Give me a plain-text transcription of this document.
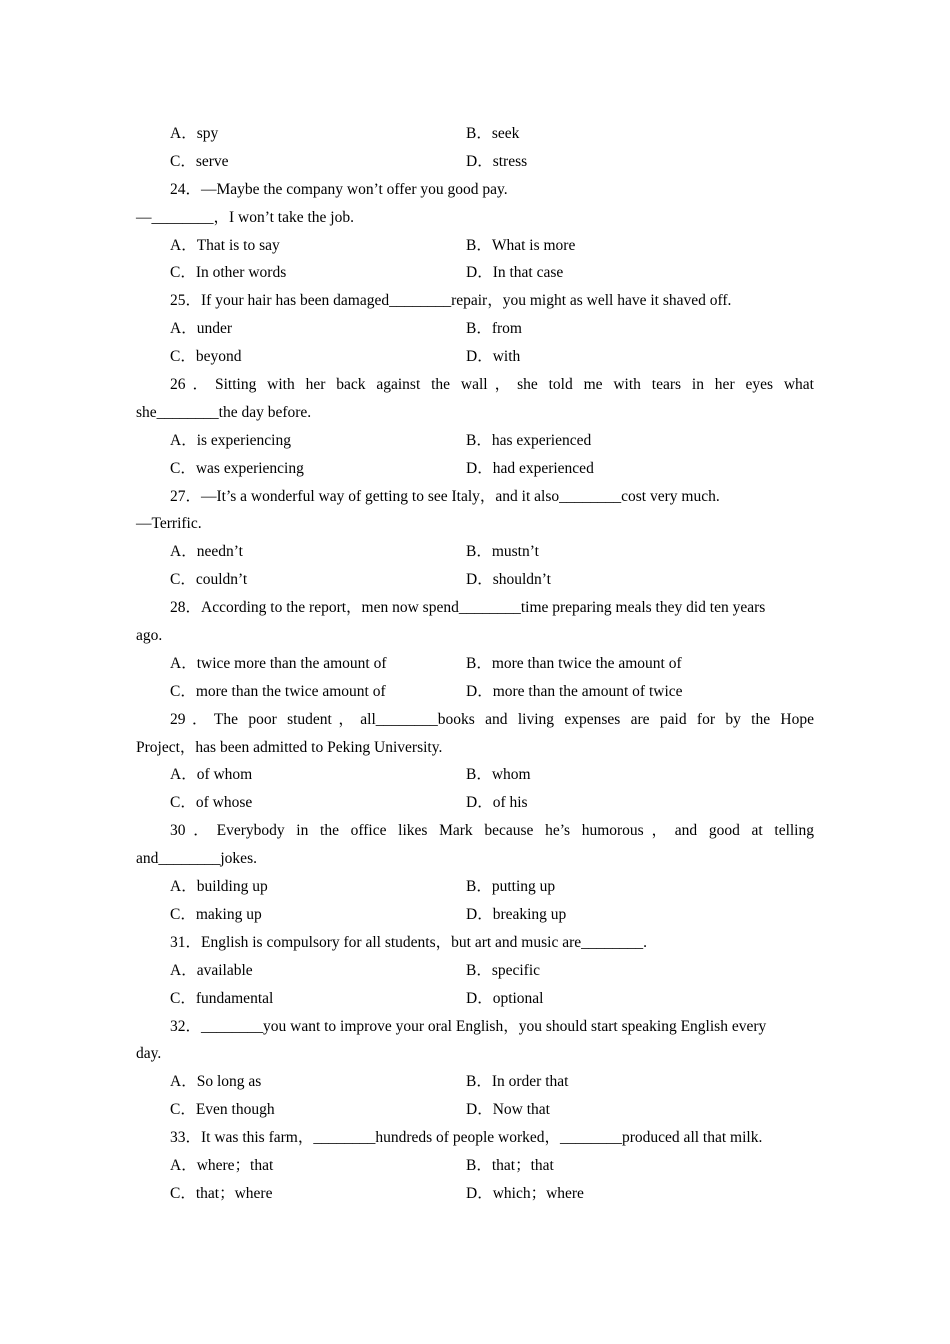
A．spy	B．seek
C．serve	D．stress
24．—Maybe the company won’t offer you good pay.
—________，I won’t take the job.
A．That is to say	B．What is more
C．In other words	D．In that case
25．If your hair has been damaged________repair，you might as well have it shaved off.
A．under	B．from
C．beyond	D．with
26．Sitting with her back against the wall，she told me with tears in her eyes what
she________the day before.
A．is experiencing	B．has experienced
C．was experiencing	D．had experienced
27．—It’s a wonderful way of getting to see Italy，and it also________cost very much.
—Terrific.
A．needn’t	B．mustn’t
C．couldn’t	D．shouldn’t
28．According to the report，men now spend________time preparing meals they did ten years
ago.
A．twice more than the amount of	B．more than twice the amount of
C．more than the twice amount of	D．more than the amount of twice
29．The poor student，all________books and living expenses are paid for by the Hope
Project，has been admitted to Peking University.
A．of whom	B．whom
C．of whose	D．of his
30．Everybody in the office likes Mark because he’s humorous，and good at telling
and________jokes.
A．building up	B．putting up
C．making up	D．breaking up
31．English is compulsory for all students，but art and music are________.
A．available	B．specific
C．fundamental	D．optional
32．________you want to improve your oral English，you should start speaking English every
day.
A．So long as	B．In order that
C．Even though	D．Now that
33．It was this farm，________hundreds of people worked，________produced all that milk.
A．where；that	B．that；that
C．that；where	D．which；where
